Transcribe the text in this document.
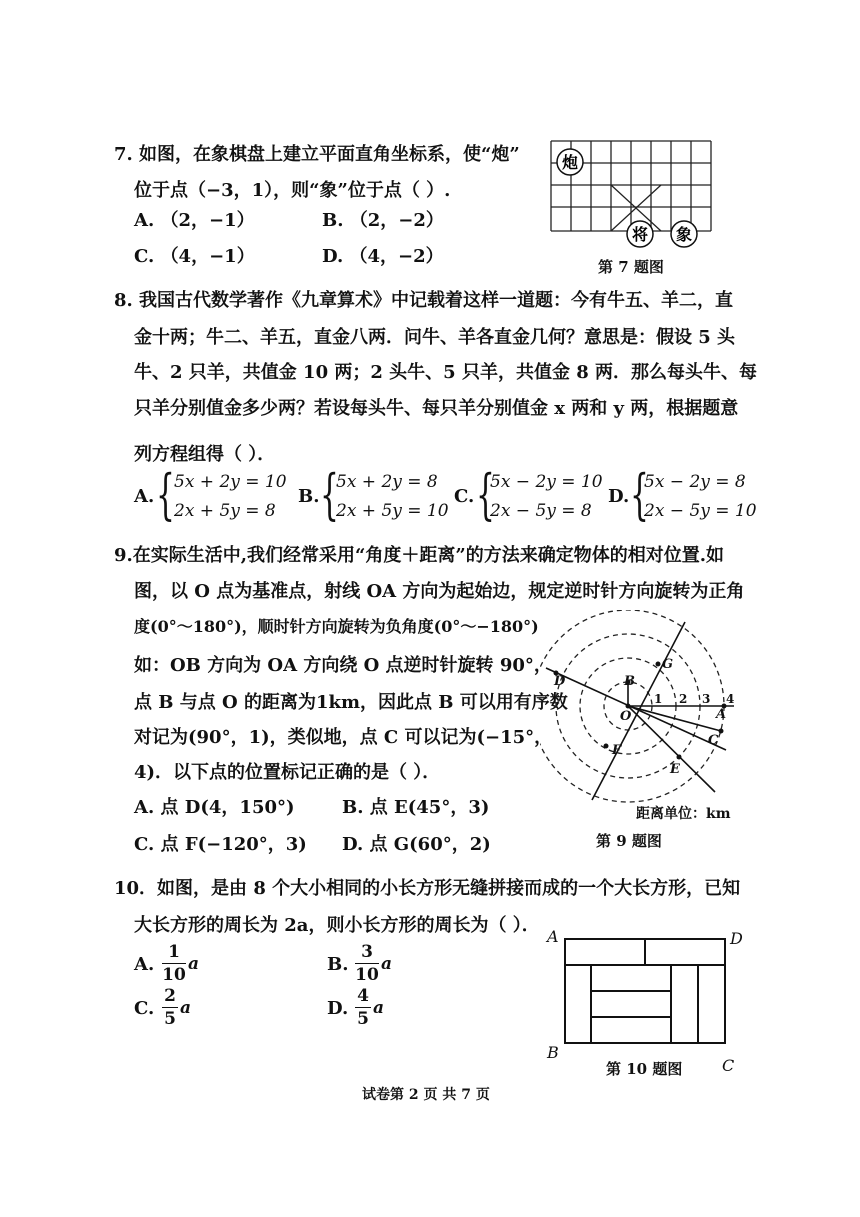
7. 如图，在象棋盘上建立平面直角坐标系，使“炮”
位于点（−3，1），则“象”位于点（ ）.
A. （2，−1）	B. （2，−2）
C. （4，−1）	D. （4，−2）
炮
将 象
第 7 题图
8. 我国古代数学著作《九章算术》中记载着这样一道题：今有牛五、羊二，直
金十两；牛二、羊五，直金八两．问牛、羊各直金几何？意思是：假设 5 头
牛、2 只羊，共值金 10 两；2 头牛、5 只羊，共值金 8 两．那么每头牛、每
只羊分别值金多少两？若设每头牛、每只羊分别值金 x 两和 y 两，根据题意
列方程组得（ ）．
A. { 5x + 2y = 10
2x + 5y = 8
B. {
5x + 2y = 8
2x + 5y = 10
C. {
5x − 2y = 10
2x − 5y = 8
D. {
5x − 2y = 8
2x − 5y = 10
9.在实际生活中,我们经常采用“角度＋距离”的方法来确定物体的相对位置.如
图，以 O 点为基准点，射线 OA 方向为起始边，规定逆时针方向旋转为正角
度(0°～180°)，顺时针方向旋转为负角度(0°～−180°)
如：OB 方向为 OA 方向绕 O 点逆时针旋转 90°，
点 B 与点 O 的距离为1km，因此点 B 可以用有序数
对记为(90°，1)，类似地，点 C 可以记为(−15°，
4)．以下点的位置标记正确的是（ ）．
A. 点 D(4，150°)	B. 点 E(45°，3)
C. 点 F(−120°，3) D. 点 G(60°，2)
O	A
B
C
D
E
F
G
1 2 3 4
距离单位：km
第 9 题图
10．如图，是由 8 个大小相同的小长方形无缝拼接而成的一个大长方形，已知
大长方形的周长为 2a，则小长方形的周长为（ ）．
A.
1
10
a	B.
3
10
a
C.
2
5
a	D.
4
5
a
A	D
B
C
第 10 题图
试卷第 2 页 共 7 页
